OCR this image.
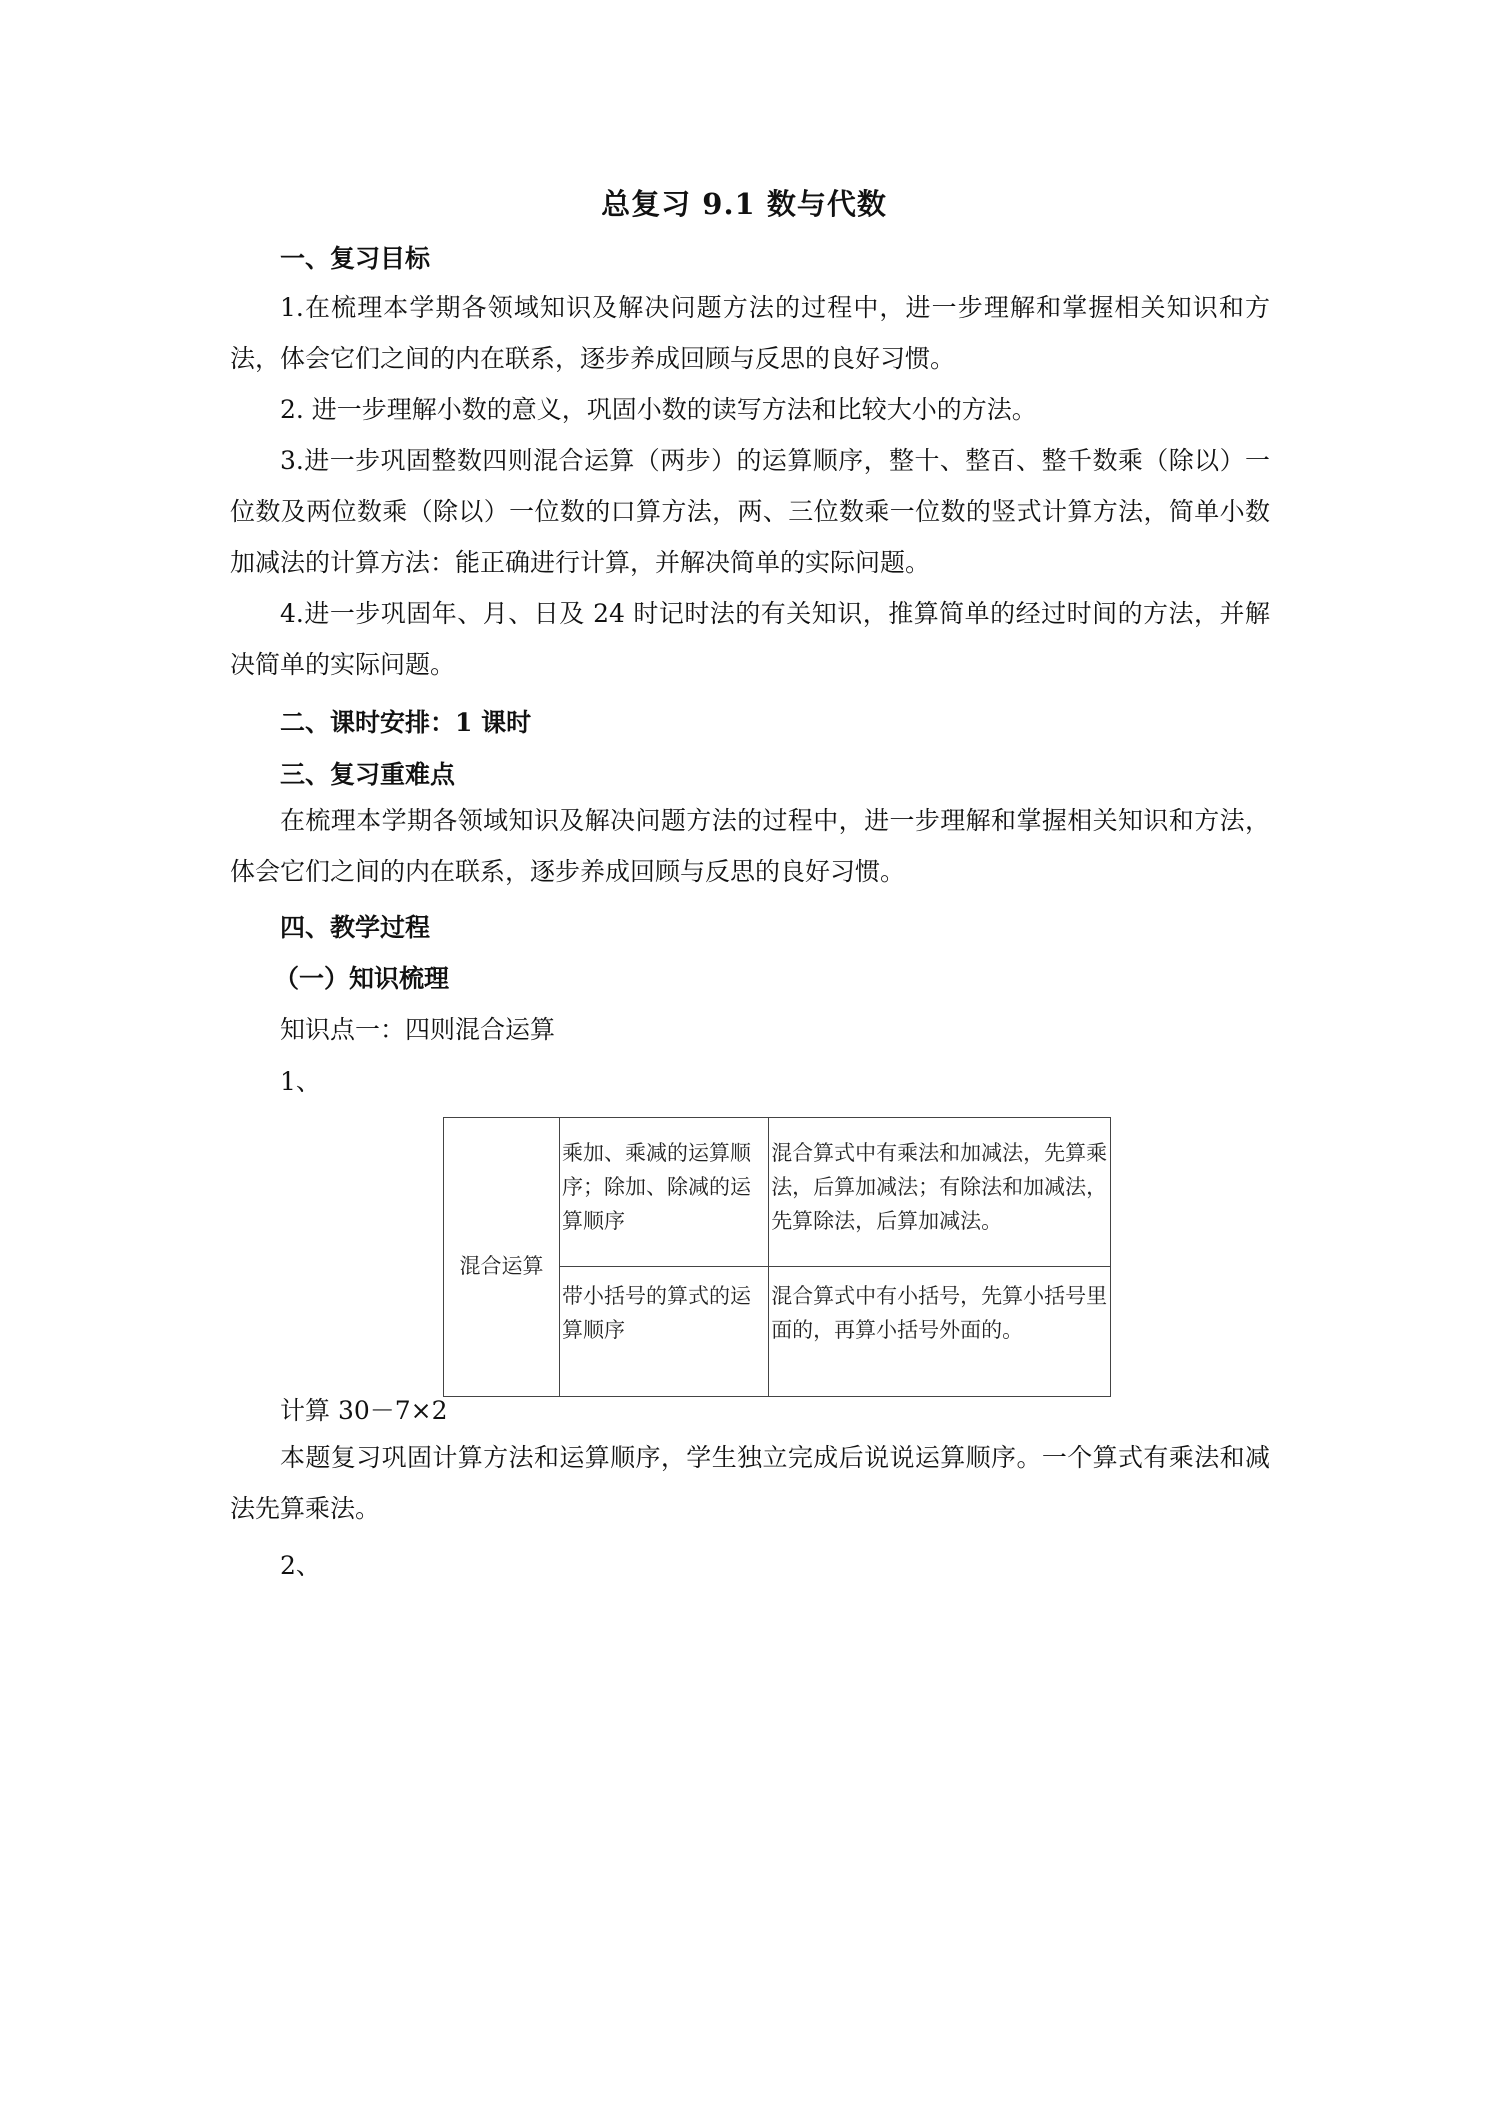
总复习 9.1 数与代数
一、复习目标

1.在梳理本学期各领域知识及解决问题方法的过程中，进一步理解和掌握相关知识和方法，体会它们之间的内在联系，逐步养成回顾与反思的良好习惯。

2. 进一步理解小数的意义，巩固小数的读写方法和比较大小的方法。

3.进一步巩固整数四则混合运算（两步）的运算顺序，整十、整百、整千数乘（除以）一位数及两位数乘（除以）一位数的口算方法，两、三位数乘一位数的竖式计算方法，简单小数加减法的计算方法：能正确进行计算，并解决简单的实际问题。

4.进一步巩固年、月、日及 24 时记时法的有关知识，推算简单的经过时间的方法，并解决简单的实际问题。

二、课时安排：1 课时
三、复习重难点

在梳理本学期各领域知识及解决问题方法的过程中，进一步理解和掌握相关知识和方法，体会它们之间的内在联系，逐步养成回顾与反思的良好习惯。

四、教学过程
（一）知识梳理
知识点一：四则混合运算
1、
混合运算	乘加、乘减的运算顺序；除加、除减的运算顺序	混合算式中有乘法和加减法，先算乘法，后算加减法；有除法和加减法，先算除法，后算加减法。
	带小括号的算式的运算顺序	混合算式中有小括号，先算小括号里面的，再算小括号外面的。
计算 30－7×2

本题复习巩固计算方法和运算顺序，学生独立完成后说说运算顺序。一个算式有乘法和减法先算乘法。

2、
